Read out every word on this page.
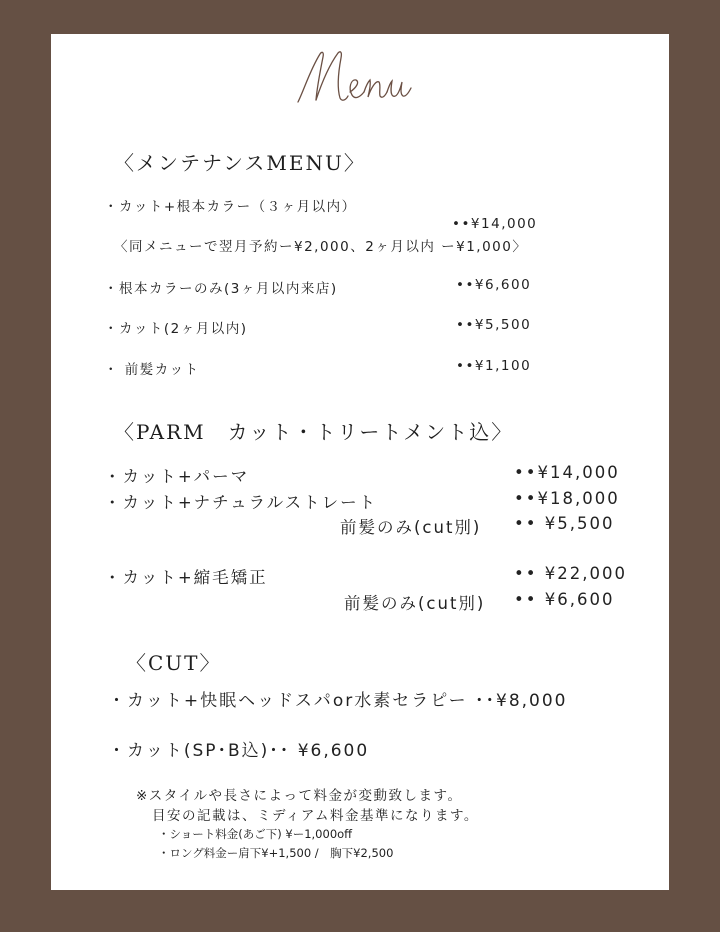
〈メンテナンスMENU〉
・カット+根本カラー（３ヶ月以内）
••¥14,000
〈同メニューで翌月予約ー¥2,000、2ヶ月以内 ー¥1,000〉
・根本カラーのみ(3ヶ月以内来店)	••¥6,600
・カット(2ヶ月以内)	••¥5,500
・ 前髪カット	••¥1,100
〈PARM　カット・トリートメント込〉
・カット+パーマ	••¥14,000
・カット+ナチュラルストレート	••¥18,000
前髪のみ(cut別) •• ¥5,500
・カット+縮毛矯正	•• ¥22,000
前髪のみ(cut別) •• ¥6,600
〈CUT〉
・カット+快眠ヘッドスパor水素セラピー ･･¥8,000
・カット(SP･B込)･･ ¥6,600
※スタイルや長さによって料金が変動致します。
目安の記載は、ミディアム料金基準になります。
・ショート料金(あご下) ¥ー1,000off
・ロング料金ー肩下¥+1,500 /　胸下¥2,500
